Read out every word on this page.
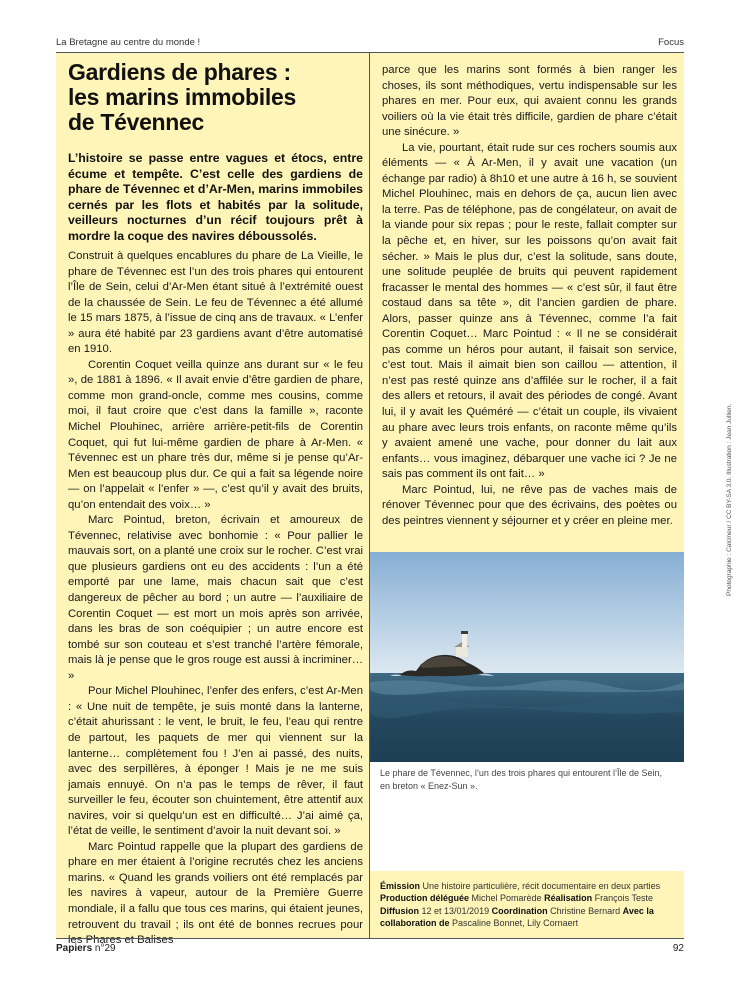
La Bretagne au centre du monde !	Focus
Gardiens de phares :
les marins immobiles
de Tévennec
L’histoire se passe entre vagues et étocs, entre écume et tempête. C’est celle des gardiens de phare de Tévennec et d’Ar-Men, marins immobiles cernés par les flots et habités par la solitude, veilleurs nocturnes d’un récif toujours prêt à mordre la coque des navires déboussolés.

Construit à quelques encablures du phare de La Vieille, le phare de Tévennec est l’un des trois phares qui entourent l’Île de Sein, celui d’Ar-Men étant situé à l’extrémité ouest de la chaussée de Sein. Le feu de Tévennec a été allumé le 15 mars 1875, à l’issue de cinq ans de travaux. « L’enfer » aura été habité par 23 gardiens avant d’être automatisé en 1910.

Corentin Coquet veilla quinze ans durant sur « le feu », de 1881 à 1896. « Il avait envie d’être gardien de phare, comme mon grand-oncle, comme mes cousins, comme moi, il faut croire que c’est dans la famille », raconte Michel Plouhinec, arrière arrière-petit-fils de Corentin Coquet, qui fut lui-même gardien de phare à Ar-Men. « Tévennec est un phare très dur, même si je pense qu’Ar-Men est beaucoup plus dur. Ce qui a fait sa légende noire — on l’appelait « l’enfer » —, c’est qu’il y avait des bruits, qu’on entendait des voix… »

Marc Pointud, breton, écrivain et amoureux de Tévennec, relativise avec bonhomie : « Pour pallier le mauvais sort, on a planté une croix sur le rocher. C’est vrai que plusieurs gardiens ont eu des accidents : l’un a été emporté par une lame, mais chacun sait que c’est dangereux de pêcher au bord ; un autre — l’auxiliaire de Corentin Coquet — est mort un mois après son arrivée, dans les bras de son coéquipier ; un autre encore est tombé sur son couteau et s’est tranché l’artère fémorale, mais là je pense que le gros rouge est aussi à incriminer… »

Pour Michel Plouhinec, l’enfer des enfers, c’est Ar-Men : « Une nuit de tempête, je suis monté dans la lanterne, c’était ahurissant : le vent, le bruit, le feu, l’eau qui rentre de partout, les paquets de mer qui viennent sur la lanterne… complètement fou ! J’en ai passé, des nuits, avec des serpillères, à éponger ! Mais je ne me suis jamais ennuyé. On n’a pas le temps de rêver, il faut surveiller le feu, écouter son chuintement, être attentif aux navires, voir si quelqu’un est en difficulté… J’ai aimé ça, l’état de veille, le sentiment d’avoir la nuit devant soi. »

Marc Pointud rappelle que la plupart des gardiens de phare en mer étaient à l’origine recrutés chez les anciens marins. « Quand les grands voiliers ont été remplacés par les navires à vapeur, autour de la Première Guerre mondiale, il a fallu que tous ces marins, qui étaient jeunes, retrouvent du travail ; ils ont été de bonnes recrues pour les Phares et Balises

parce que les marins sont formés à bien ranger les choses, ils sont méthodiques, vertu indispensable sur les phares en mer. Pour eux, qui avaient connu les grands voiliers où la vie était très difficile, gardien de phare c’était une sinécure. »

La vie, pourtant, était rude sur ces rochers soumis aux éléments — « À Ar-Men, il y avait une vacation (un échange par radio) à 8h10 et une autre à 16 h, se souvient Michel Plouhinec, mais en dehors de ça, aucun lien avec la terre. Pas de téléphone, pas de congélateur, on avait de la viande pour six repas ; pour le reste, fallait compter sur la pêche et, en hiver, sur les poissons qu’on avait fait sécher. » Mais le plus dur, c’est la solitude, sans doute, une solitude peuplée de bruits qui peuvent rapidement fracasser le mental des hommes — « c’est sûr, il faut être costaud dans sa tête », dit l’ancien gardien de phare. Alors, passer quinze ans à Tévennec, comme l’a fait Corentin Coquet… Marc Pointud : « Il ne se considérait pas comme un héros pour autant, il faisait son service, c’est tout. Mais il aimait bien son caillou — attention, il n’est pas resté quinze ans d’affilée sur le rocher, il a fait des allers et retours, il avait des périodes de congé. Avant lui, il y avait les Quéméré — c’était un couple, ils vivaient au phare avec leurs trois enfants, on raconte même qu’ils y avaient amené une vache, pour donner du lait aux enfants… vous imaginez, débarquer une vache ici ? Je ne sais pas comment ils ont fait… »

Marc Pointud, lui, ne rêve pas de vaches mais de rénover Tévennec pour que des écrivains, des poètes ou des peintres viennent y séjourner et y créer en pleine mer.

Le phare de Tévennec, l’un des trois phares qui entourent l’Île de Sein, en breton « Enez-Sun ».
Émission Une histoire particulière, récit documentaire en deux parties Production déléguée Michel Pomarède Réalisation François Teste Diffusion 12 et 13/01/2019 Coordination Christine Bernard Avec la collaboration de Pascaline Bonnet, Lily Cornaert
Papiers n°29	92
Photographie : Calcineur / CC BY-SA 3.0. Illustration : Jean Jullien.
